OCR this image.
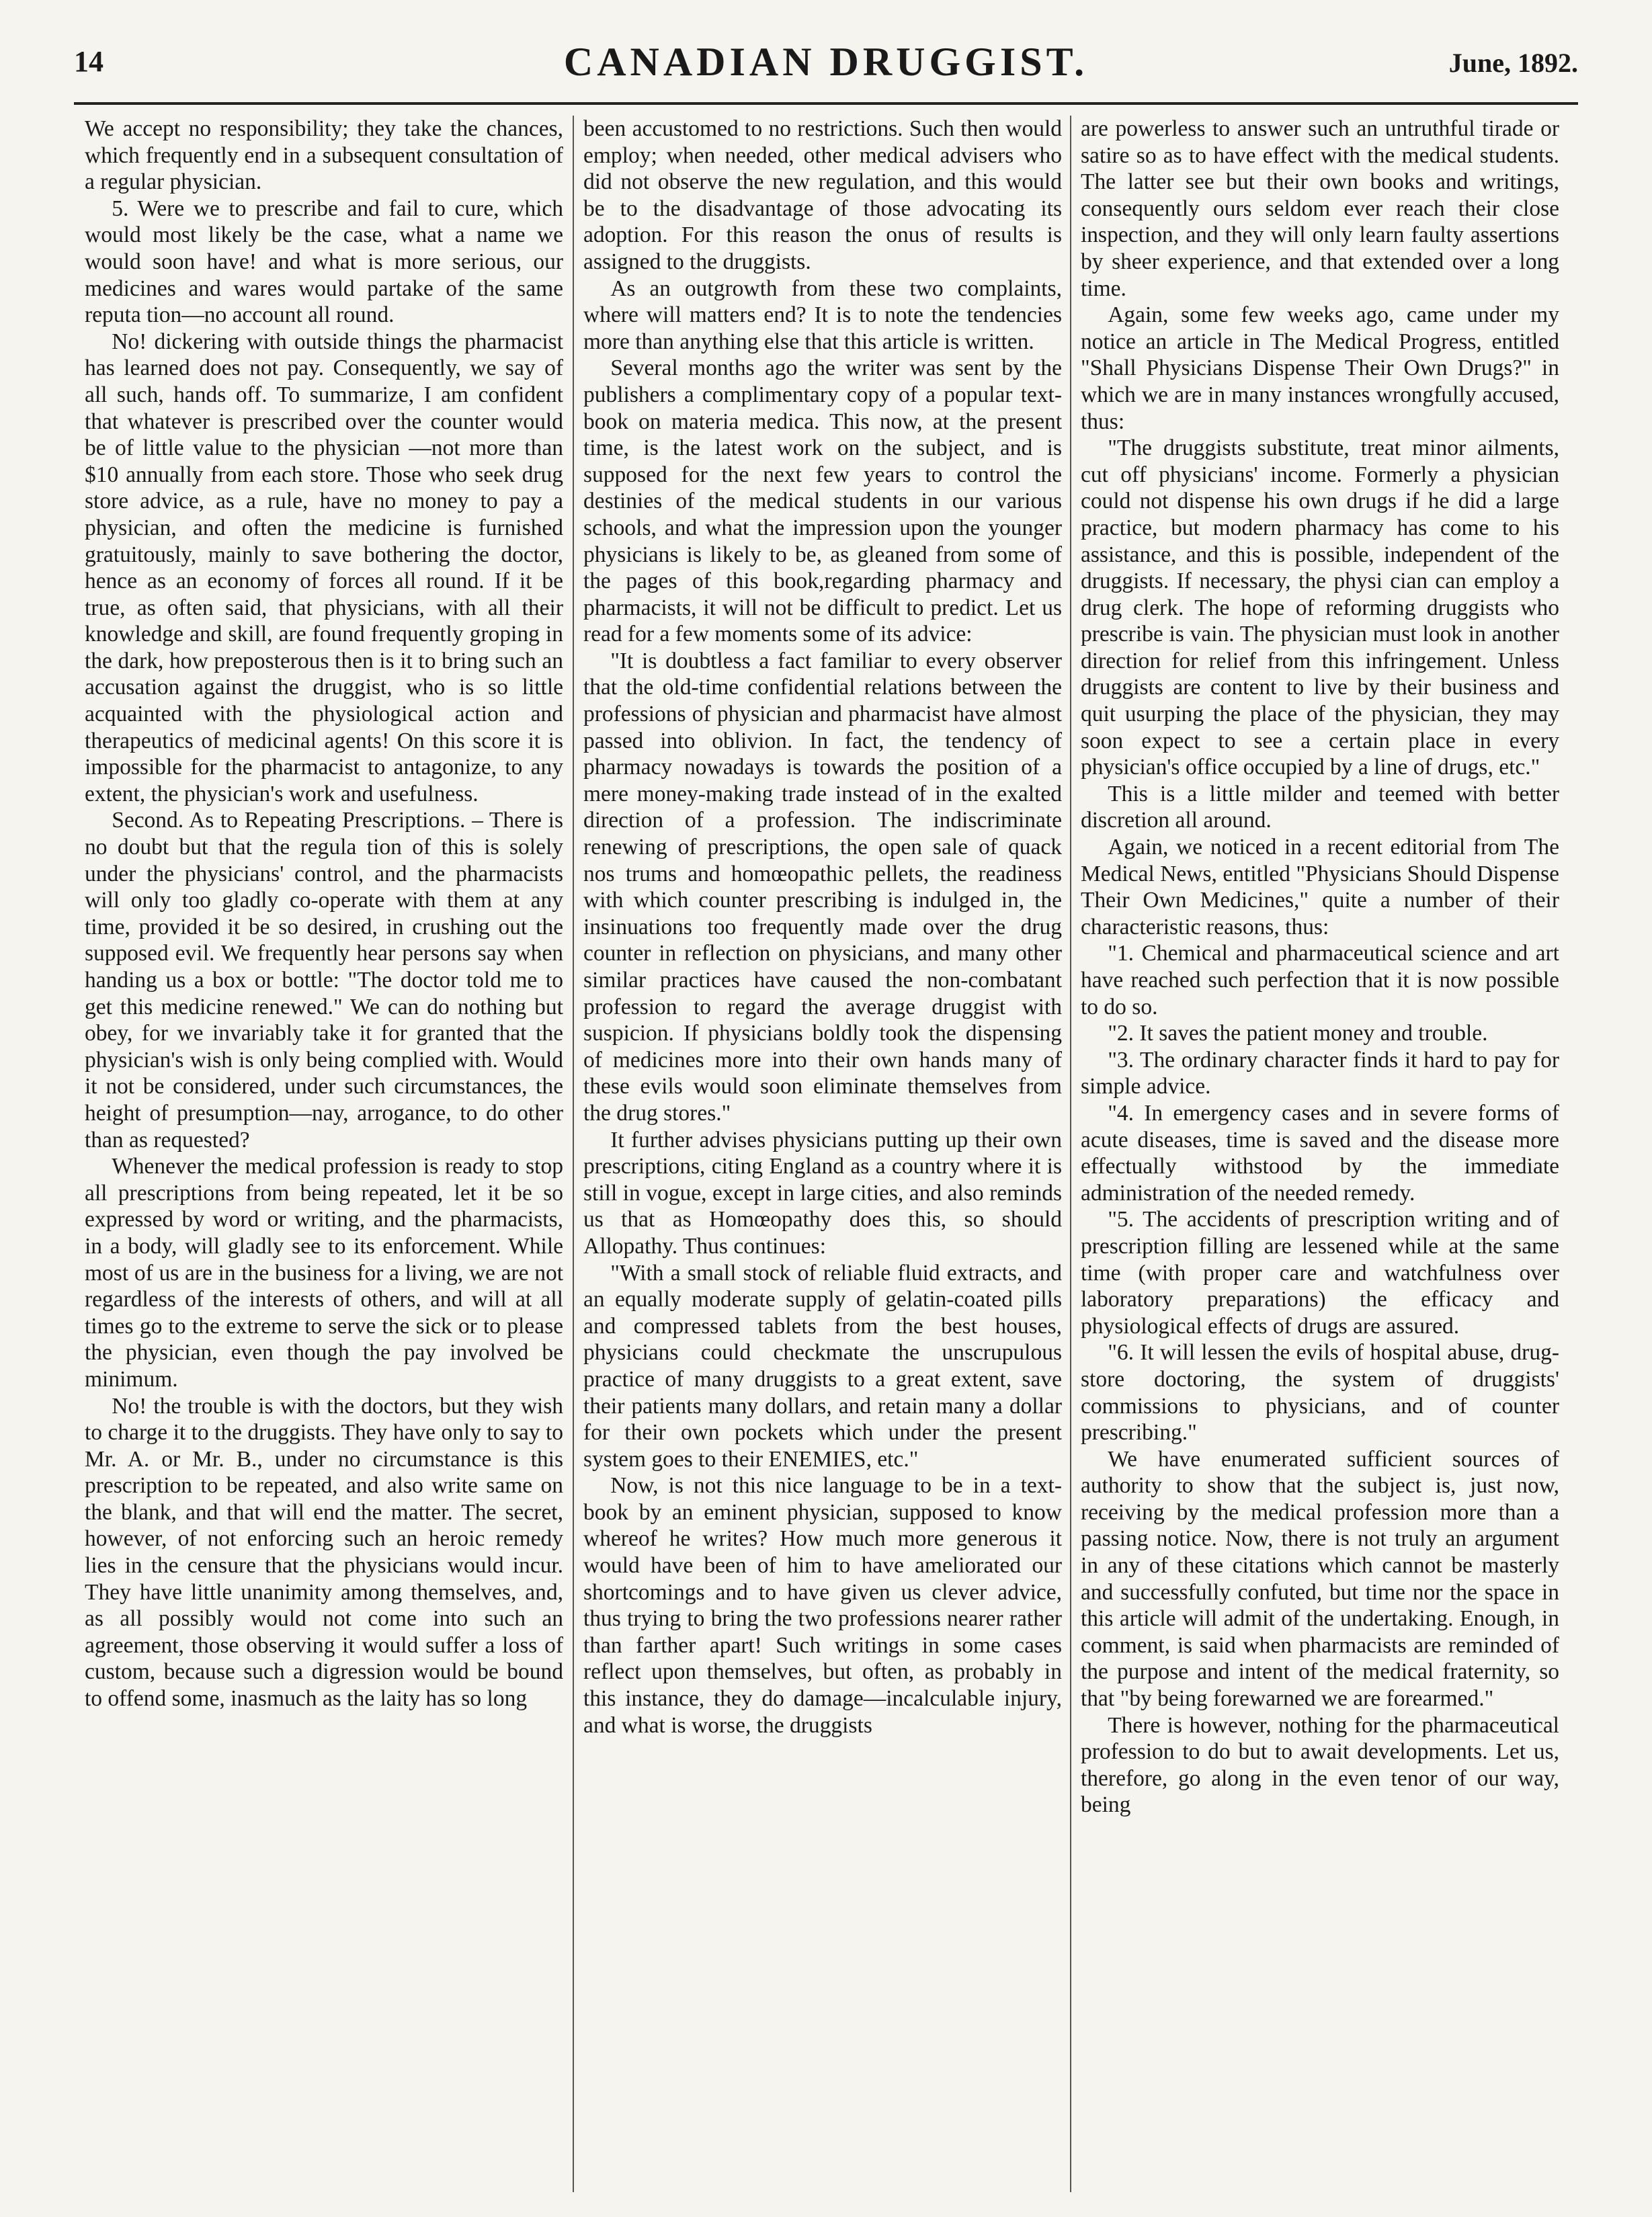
14	CANADIAN DRUGGIST.	June, 1892.

We accept no responsibility; they take the chances, which frequently end in a subsequent consultation of a regular physician.

5. Were we to prescribe and fail to cure, which would most likely be the case, what a name we would soon have! and what is more serious, our medicines and wares would partake of the same reputa tion—no account all round.

No! dickering with outside things the pharmacist has learned does not pay. Consequently, we say of all such, hands off. To summarize, I am confident that whatever is prescribed over the counter would be of little value to the physician —not more than $10 annually from each store. Those who seek drug store advice, as a rule, have no money to pay a physician, and often the medicine is furnished gratuitously, mainly to save bothering the doctor, hence as an economy of forces all round. If it be true, as often said, that physicians, with all their knowledge and skill, are found frequently groping in the dark, how preposterous then is it to bring such an accusation against the druggist, who is so little acquainted with the physiological action and therapeutics of medicinal agents! On this score it is impossible for the pharmacist to antagonize, to any extent, the physician's work and usefulness.

Second. As to Repeating Prescriptions. – There is no doubt but that the regula tion of this is solely under the physicians' control, and the pharmacists will only too gladly co-operate with them at any time, provided it be so desired, in crushing out the supposed evil. We frequently hear persons say when handing us a box or bottle: "The doctor told me to get this medicine renewed." We can do nothing but obey, for we invariably take it for granted that the physician's wish is only being complied with. Would it not be considered, under such circumstances, the height of presumption—nay, arrogance, to do other than as requested?

Whenever the medical profession is ready to stop all prescriptions from being repeated, let it be so expressed by word or writing, and the pharmacists, in a body, will gladly see to its enforcement. While most of us are in the business for a living, we are not regardless of the interests of others, and will at all times go to the extreme to serve the sick or to please the physician, even though the pay involved be minimum.

No! the trouble is with the doctors, but they wish to charge it to the druggists. They have only to say to Mr. A. or Mr. B., under no circumstance is this prescription to be repeated, and also write same on the blank, and that will end the matter. The secret, however, of not enforcing such an heroic remedy lies in the censure that the physicians would incur. They have little unanimity among themselves, and, as all possibly would not come into such an agreement, those observing it would suffer a loss of custom, because such a digression would be bound to offend some, inasmuch as the laity has so long

been accustomed to no restrictions. Such then would employ; when needed, other medical advisers who did not observe the new regulation, and this would be to the disadvantage of those advocating its adoption. For this reason the onus of results is assigned to the druggists.

As an outgrowth from these two complaints, where will matters end? It is to note the tendencies more than anything else that this article is written.

Several months ago the writer was sent by the publishers a complimentary copy of a popular text-book on materia medica. This now, at the present time, is the latest work on the subject, and is supposed for the next few years to control the destinies of the medical students in our various schools, and what the impression upon the younger physicians is likely to be, as gleaned from some of the pages of this book,regarding pharmacy and pharmacists, it will not be difficult to predict. Let us read for a few moments some of its advice:

"It is doubtless a fact familiar to every observer that the old-time confidential relations between the professions of physician and pharmacist have almost passed into oblivion. In fact, the tendency of pharmacy nowadays is towards the position of a mere money-making trade instead of in the exalted direction of a profession. The indiscriminate renewing of prescriptions, the open sale of quack nos trums and homœopathic pellets, the readiness with which counter prescribing is indulged in, the insinuations too frequently made over the drug counter in reflection on physicians, and many other similar practices have caused the non-combatant profession to regard the average druggist with suspicion. If physicians boldly took the dispensing of medicines more into their own hands many of these evils would soon eliminate themselves from the drug stores."

It further advises physicians putting up their own prescriptions, citing England as a country where it is still in vogue, except in large cities, and also reminds us that as Homœopathy does this, so should Allopathy. Thus continues:

"With a small stock of reliable fluid extracts, and an equally moderate supply of gelatin-coated pills and compressed tablets from the best houses, physicians could checkmate the unscrupulous practice of many druggists to a great extent, save their patients many dollars, and retain many a dollar for their own pockets which under the present system goes to their ENEMIES, etc."

Now, is not this nice language to be in a text-book by an eminent physician, supposed to know whereof he writes? How much more generous it would have been of him to have ameliorated our shortcomings and to have given us clever advice, thus trying to bring the two professions nearer rather than farther apart! Such writings in some cases reflect upon themselves, but often, as probably in this instance, they do damage—incalculable injury, and what is worse, the druggists

are powerless to answer such an untruthful tirade or satire so as to have effect with the medical students. The latter see but their own books and writings, consequently ours seldom ever reach their close inspection, and they will only learn faulty assertions by sheer experience, and that extended over a long time.

Again, some few weeks ago, came under my notice an article in The Medical Progress, entitled "Shall Physicians Dispense Their Own Drugs?" in which we are in many instances wrongfully accused, thus:

"The druggists substitute, treat minor ailments, cut off physicians' income. Formerly a physician could not dispense his own drugs if he did a large practice, but modern pharmacy has come to his assistance, and this is possible, independent of the druggists. If necessary, the physi cian can employ a drug clerk. The hope of reforming druggists who prescribe is vain. The physician must look in another direction for relief from this infringement. Unless druggists are content to live by their business and quit usurping the place of the physician, they may soon expect to see a certain place in every physician's office occupied by a line of drugs, etc."

This is a little milder and teemed with better discretion all around.

Again, we noticed in a recent editorial from The Medical News, entitled "Physicians Should Dispense Their Own Medicines," quite a number of their characteristic reasons, thus:

"1. Chemical and pharmaceutical science and art have reached such perfection that it is now possible to do so.

"2. It saves the patient money and trouble.

"3. The ordinary character finds it hard to pay for simple advice.

"4. In emergency cases and in severe forms of acute diseases, time is saved and the disease more effectually withstood by the immediate administration of the needed remedy.

"5. The accidents of prescription writing and of prescription filling are lessened while at the same time (with proper care and watchfulness over laboratory preparations) the efficacy and physiological effects of drugs are assured.

"6. It will lessen the evils of hospital abuse, drug-store doctoring, the system of druggists' commissions to physicians, and of counter prescribing."

We have enumerated sufficient sources of authority to show that the subject is, just now, receiving by the medical profession more than a passing notice. Now, there is not truly an argument in any of these citations which cannot be masterly and successfully confuted, but time nor the space in this article will admit of the undertaking. Enough, in comment, is said when pharmacists are reminded of the purpose and intent of the medical fraternity, so that "by being forewarned we are forearmed."

There is however, nothing for the pharmaceutical profession to do but to await developments. Let us, therefore, go along in the even tenor of our way, being
